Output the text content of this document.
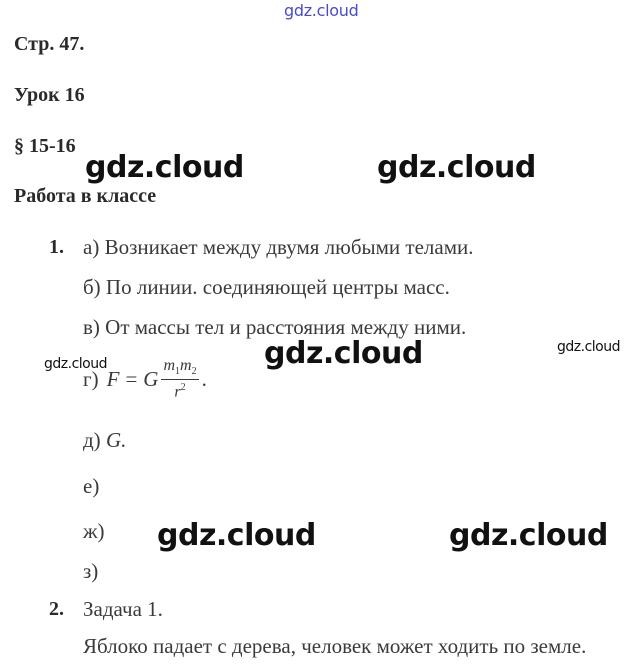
gdz.cloud
Стр. 47.
Урок 16
§ 15-16
Работа в классе
gdz.cloud	gdz.cloud
1. а) Возникает между двумя любыми телами.
б) По линии. соединяющей центры масс.
в) От массы тел и расстояния между ними.
gdz.cloud	gdz.cloud	gdz.cloud
г) F = G $\frac{m_1m_2}{r^2}$ .
д) G.
е)
ж)
з)
gdz.cloud	gdz.cloud
2. Задача 1.
Яблоко падает с дерева, человек может ходить по земле.
